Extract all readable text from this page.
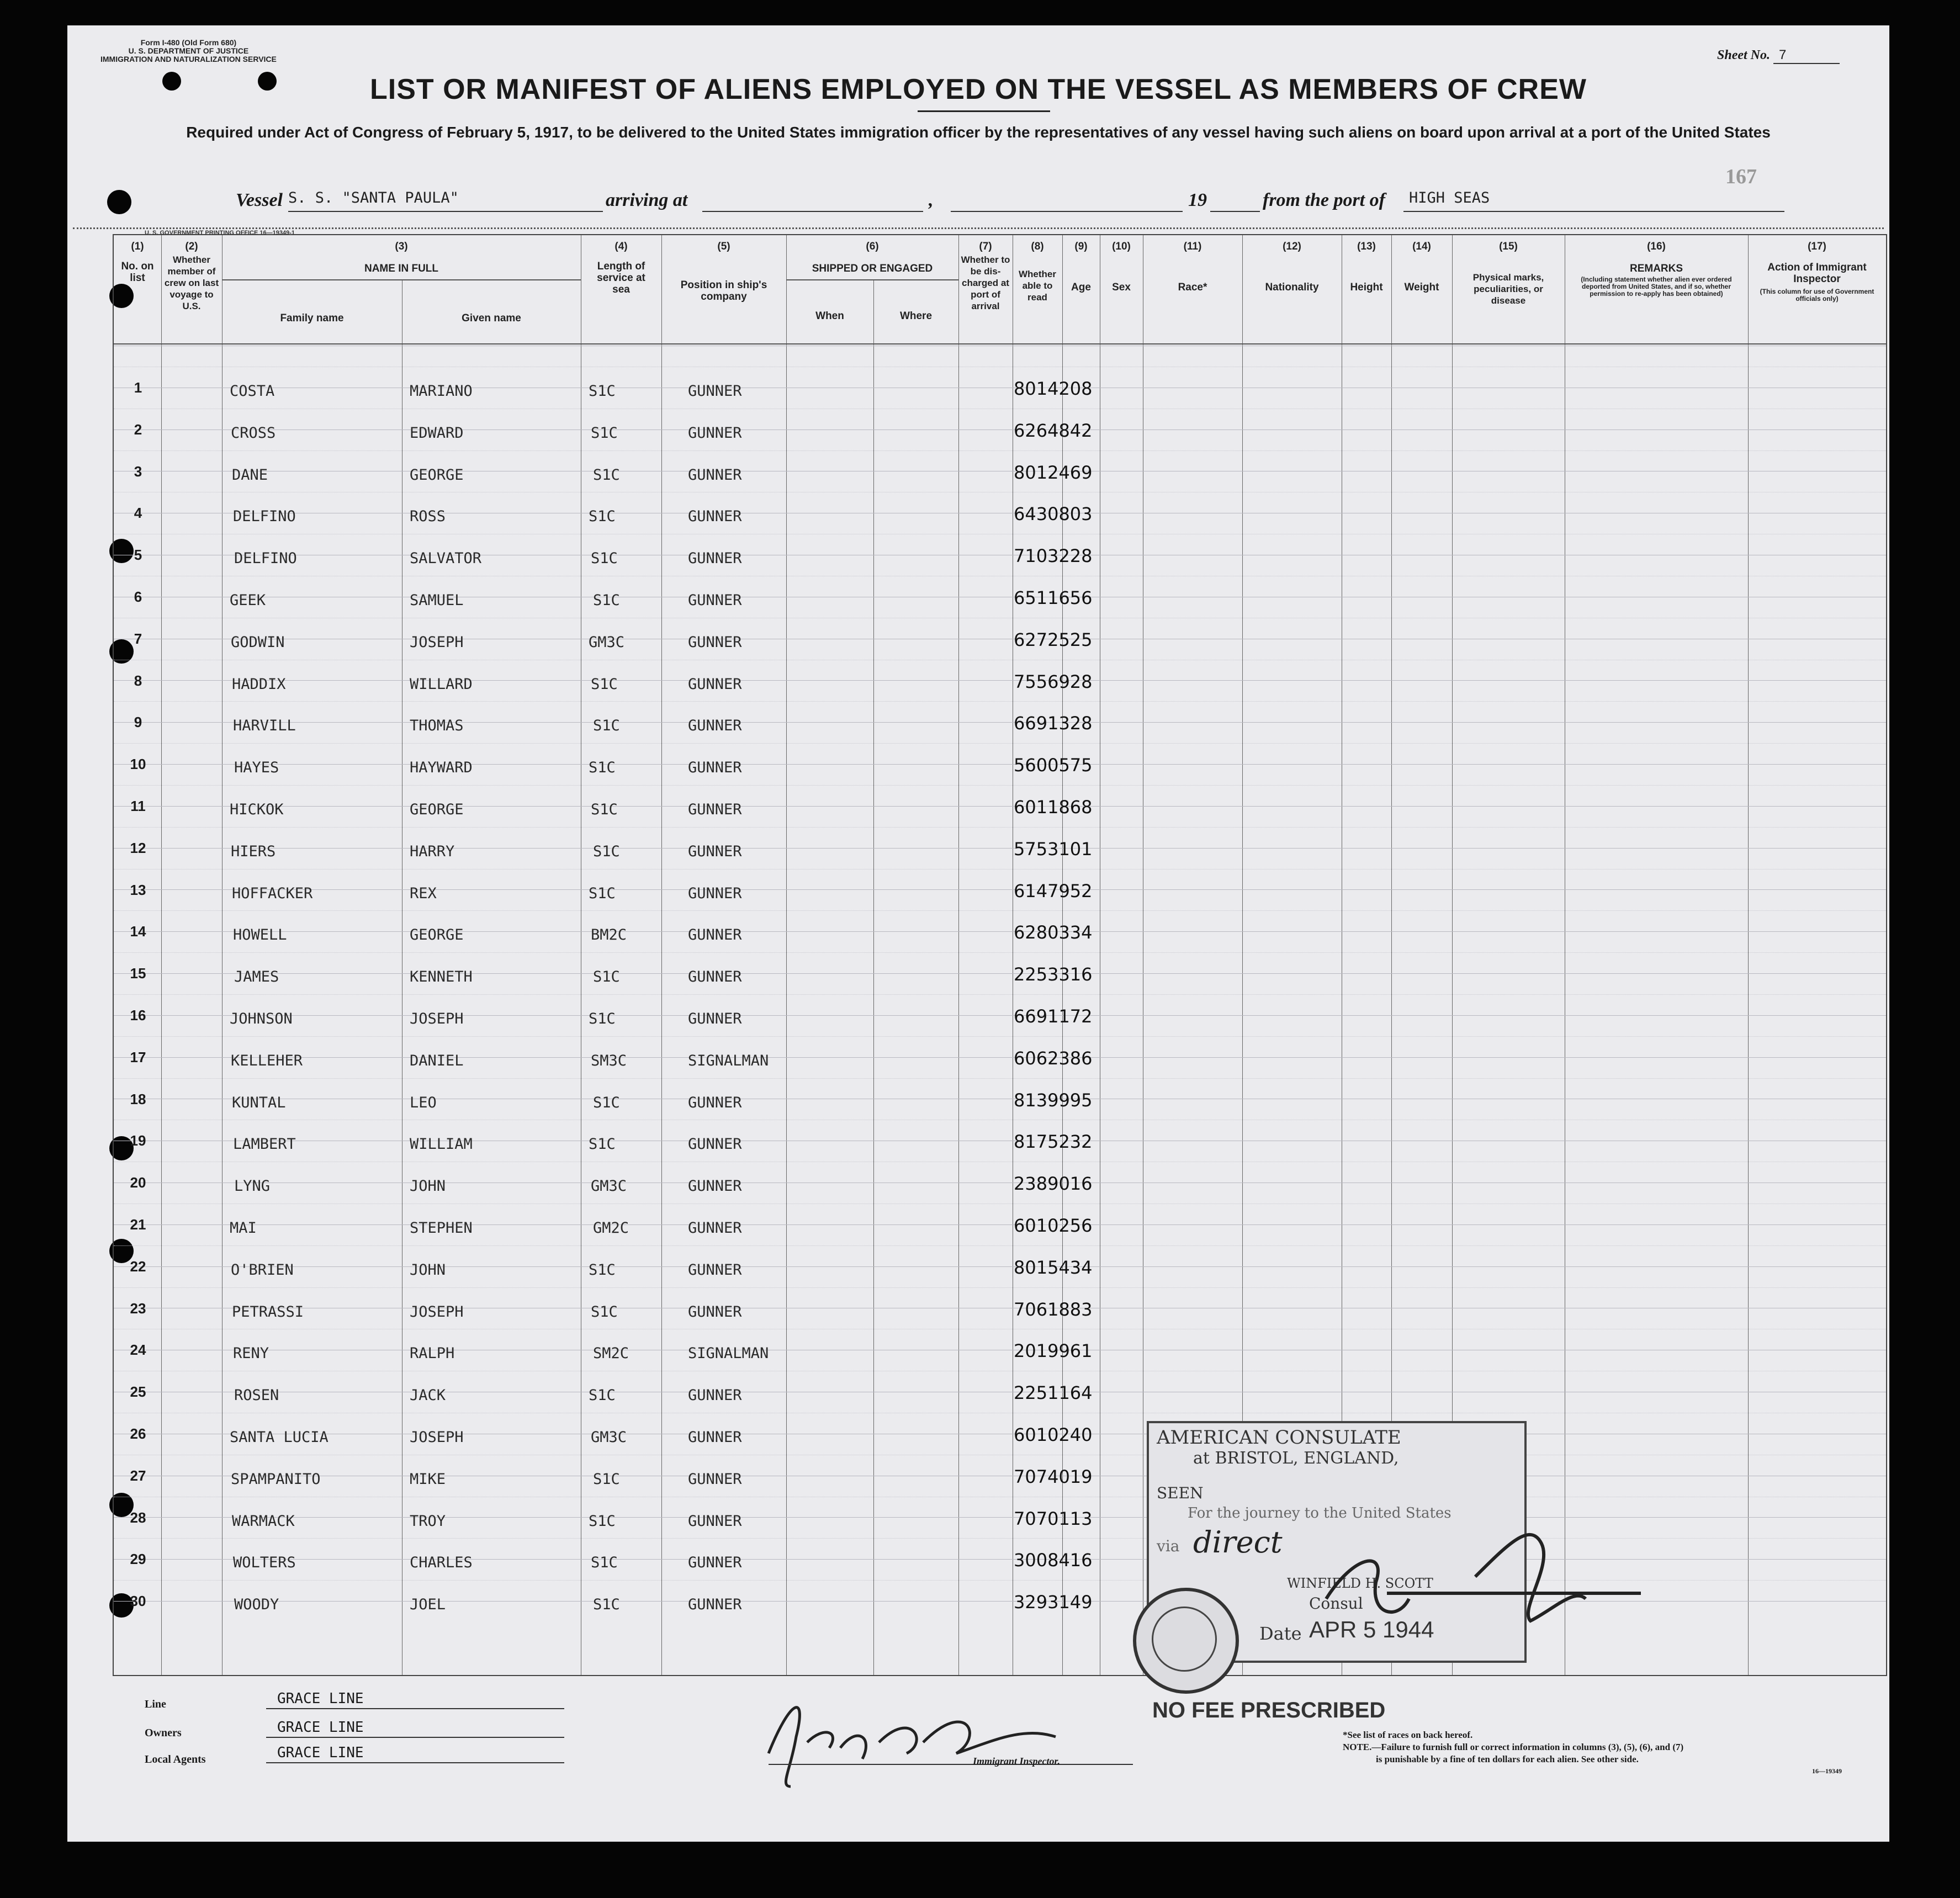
Form I-480 (Old Form 680)
U. S. DEPARTMENT OF JUSTICE
IMMIGRATION AND NATURALIZATION SERVICE	Sheet No. 7
LIST OR MANIFEST OF ALIENS EMPLOYED ON THE VESSEL AS MEMBERS OF CREW
Required under Act of Congress of February 5, 1917, to be delivered to the United States immigration officer by the representatives of any vessel having such aliens on board upon arrival at a port of the United States
167
Vessel S. S. "SANTA PAULA"	arriving at	,	19	from the port of	HIGH SEAS
U. S. GOVERNMENT PRINTING OFFICE 16—19349-1
(1)
No. on list
(2)
Whether member of crew on last voyage to U.S.
(3)
NAME IN FULL
Family name	Given name
(4)
Length of service at sea
(5)
Position in ship's company
(6)
SHIPPED OR ENGAGED
When	Where
(7)
Whether to be dis- charged at port of arrival
(8)
Whether able to read
(9)
Age
(10)
Sex
(11)
Race*
(12)
Nationality
(13)
Height
(14)
Weight
(15)
Physical marks, peculiarities, or disease
(16)
REMARKS
(Including statement whether alien ever ordered deported from United States, and if so, whether permission to re-apply has been obtained)
(17)
Action of Immigrant Inspector
(This column for use of Government officials only)
1	COSTA	MARIANO	S1C	GUNNER	8014208
2	CROSS	EDWARD	S1C	GUNNER	6264842
3	DANE	GEORGE	S1C	GUNNER	8012469
4	DELFINO	ROSS	S1C	GUNNER	6430803
5	DELFINO	SALVATOR	S1C	GUNNER	7103228
6	GEEK	SAMUEL	S1C	GUNNER	6511656
7	GODWIN	JOSEPH	GM3C	GUNNER	6272525
8	HADDIX	WILLARD	S1C	GUNNER	7556928
9	HARVILL	THOMAS	S1C	GUNNER	6691328
10	HAYES	HAYWARD	S1C	GUNNER	5600575
11	HICKOK	GEORGE	S1C	GUNNER	6011868
12	HIERS	HARRY	S1C	GUNNER	5753101
13	HOFFACKER	REX	S1C	GUNNER	6147952
14	HOWELL	GEORGE	BM2C	GUNNER	6280334
15	JAMES	KENNETH	S1C	GUNNER	2253316
16	JOHNSON	JOSEPH	S1C	GUNNER	6691172
17	KELLEHER	DANIEL	SM3C	SIGNALMAN	6062386
18	KUNTAL	LEO	S1C	GUNNER	8139995
19	LAMBERT	WILLIAM	S1C	GUNNER	8175232
20	LYNG	JOHN	GM3C	GUNNER	2389016
21	MAI	STEPHEN	GM2C	GUNNER	6010256
22	O'BRIEN	JOHN	S1C	GUNNER	8015434
23	PETRASSI	JOSEPH	S1C	GUNNER	7061883
24	RENY	RALPH	SM2C	SIGNALMAN	2019961
25	ROSEN	JACK	S1C	GUNNER	2251164
26	SANTA LUCIA	JOSEPH	GM3C	GUNNER	6010240
27	SPAMPANITO	MIKE	S1C	GUNNER	7074019
28	WARMACK	TROY	S1C	GUNNER	7070113
29	WOLTERS	CHARLES	S1C	GUNNER	3008416
30	WOODY	JOEL	S1C	GUNNER	3293149
AMERICAN CONSULATE
at BRISTOL, ENGLAND,
SEEN
For the journey to the United States
via direct
WINFIELD H. SCOTT
Consul
Date APR 5 1944
NO FEE PRESCRIBED
Line	GRACE LINE
Owners	GRACE LINE
Local Agents	GRACE LINE	Immigrant Inspector.
*See list of races on back hereof.
NOTE.—Failure to furnish full or correct information in columns (3), (5), (6), and (7)
is punishable by a fine of ten dollars for each alien. See other side.
16—19349
